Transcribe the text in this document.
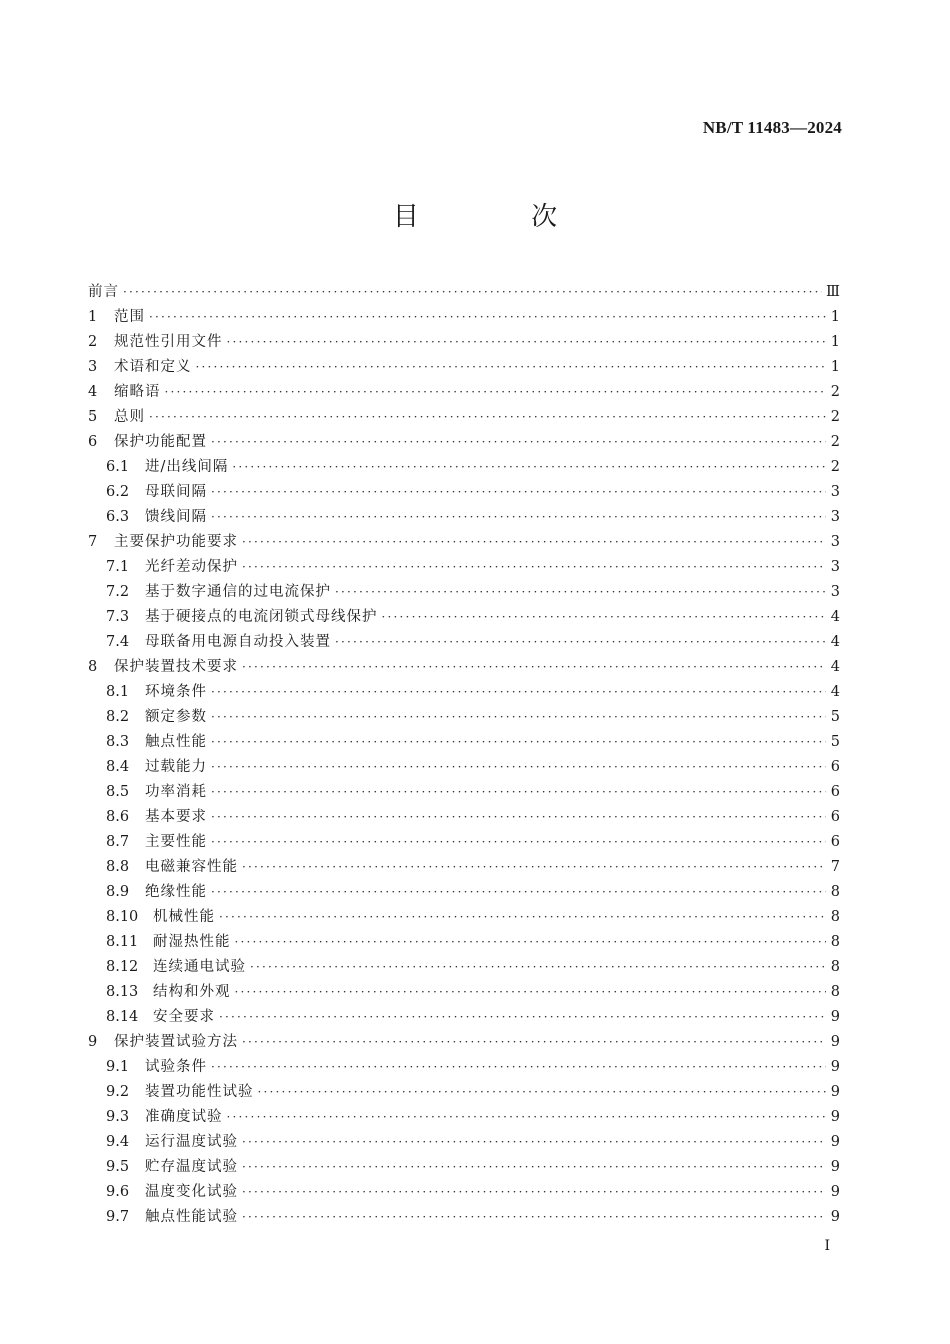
NB/T 11483—2024
目 次
前言 ·····	Ⅲ
1	范围 ·····	1
2	规范性引用文件 ·····	1
3	术语和定义 ·····	1
4	缩略语 ·····	2
5	总则 ·····	2
6	保护功能配置 ·····	2
6.1	进/出线间隔 ·····	2
6.2	母联间隔 ·····	3
6.3	馈线间隔 ·····	3
7	主要保护功能要求 ·····	3
7.1	光纤差动保护 ·····	3
7.2	基于数字通信的过电流保护 ·····	3
7.3	基于硬接点的电流闭锁式母线保护 ·····	4
7.4	母联备用电源自动投入装置 ·····	4
8	保护装置技术要求 ·····	4
8.1	环境条件 ·····	4
8.2	额定参数 ·····	5
8.3	触点性能 ·····	5
8.4	过载能力 ·····	6
8.5	功率消耗 ·····	6
8.6	基本要求 ·····	6
8.7	主要性能 ·····	6
8.8	电磁兼容性能 ·····	7
8.9	绝缘性能 ·····	8
8.10	机械性能 ·····	8
8.11	耐湿热性能 ·····	8
8.12	连续通电试验 ·····	8
8.13	结构和外观 ·····	8
8.14	安全要求 ·····	9
9	保护装置试验方法 ·····	9
9.1	试验条件 ·····	9
9.2	装置功能性试验 ·····	9
9.3	准确度试验 ·····	9
9.4	运行温度试验 ·····	9
9.5	贮存温度试验 ·····	9
9.6	温度变化试验 ·····	9
9.7	触点性能试验 ·····	9
I
